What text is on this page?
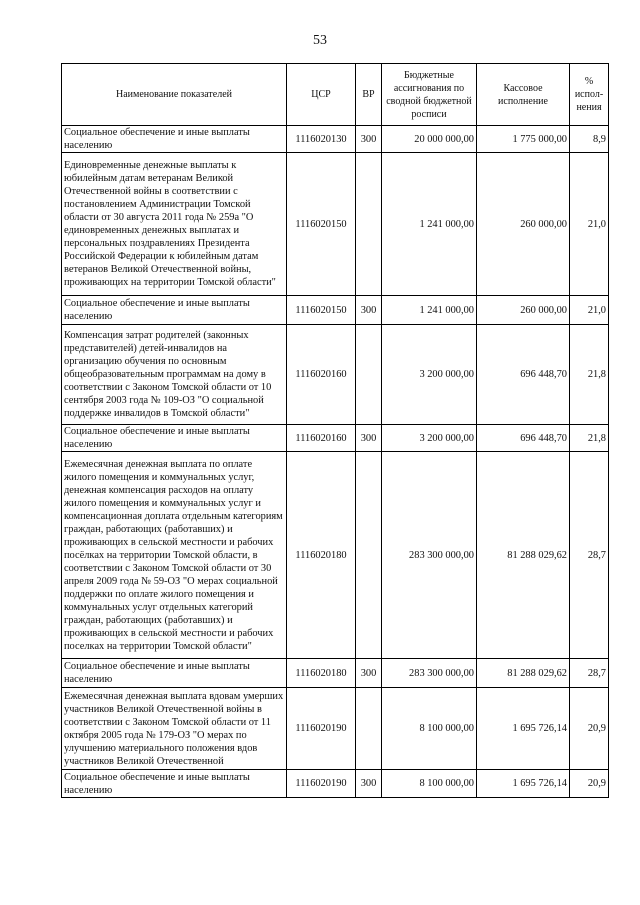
53
Наименование показателей	ЦСР	ВР	Бюджетные ассигнования по сводной бюджетной росписи	Кассовое исполнение	% испол-нения
Социальное обеспечение и иные выплаты населению	1116020130	300	20 000 000,00	1 775 000,00	8,9
Единовременные денежные выплаты к юбилейным датам ветеранам Великой Отечественной войны в соответствии с постановлением Администрации Томской области от 30 августа 2011 года № 259а "О единовременных денежных выплатах и персональных поздравлениях Президента Российской Федерации к юбилейным датам ветеранов Великой Отечественной войны, проживающих на территории Томской области"	1116020150		1 241 000,00	260 000,00	21,0
Социальное обеспечение и иные выплаты населению	1116020150	300	1 241 000,00	260 000,00	21,0
Компенсация затрат родителей (законных представителей) детей-инвалидов на организацию обучения по основным общеобразовательным программам на дому в соответствии с Законом Томской области от 10 сентября 2003 года № 109-ОЗ "О социальной поддержке инвалидов в Томской области"	1116020160		3 200 000,00	696 448,70	21,8
Социальное обеспечение и иные выплаты населению	1116020160	300	3 200 000,00	696 448,70	21,8
Ежемесячная денежная выплата по оплате жилого помещения и коммунальных услуг, денежная компенсация расходов на оплату жилого помещения и коммунальных услуг и компенсационная доплата отдельным категориям граждан, работающих (работавших) и проживающих в сельской местности и рабочих посёлках на территории Томской области, в соответствии с Законом Томской области от 30 апреля 2009 года № 59-ОЗ "О мерах социальной поддержки по оплате жилого помещения и коммунальных услуг отдельных категорий граждан, работающих (работавших) и проживающих в сельской местности и рабочих поселках на территории Томской области"	1116020180		283 300 000,00	81 288 029,62	28,7
Социальное обеспечение и иные выплаты населению	1116020180	300	283 300 000,00	81 288 029,62	28,7
Ежемесячная денежная выплата вдовам умерших участников Великой Отечественной войны в соответствии с Законом Томской области от 11 октября 2005 года № 179-ОЗ "О мерах по улучшению материального положения вдов участников Великой Отечественной	1116020190		8 100 000,00	1 695 726,14	20,9
Социальное обеспечение и иные выплаты населению	1116020190	300	8 100 000,00	1 695 726,14	20,9
